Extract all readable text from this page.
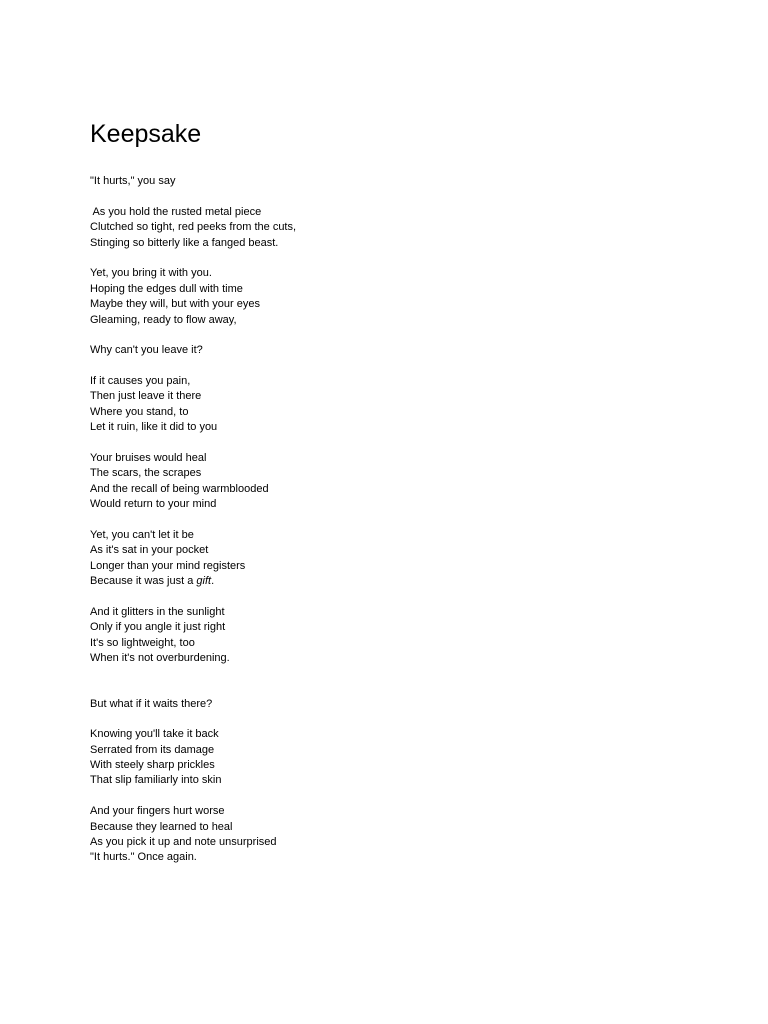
Keepsake
"It hurts," you say
As you hold the rusted metal piece
Clutched so tight, red peeks from the cuts,
Stinging so bitterly like a fanged beast.
Yet, you bring it with you.
Hoping the edges dull with time
Maybe they will, but with your eyes
Gleaming, ready to flow away,
Why can't you leave it?
If it causes you pain,
Then just leave it there
Where you stand, to
Let it ruin, like it did to you
Your bruises would heal
The scars, the scrapes
And the recall of being warmblooded
Would return to your mind
Yet, you can't let it be
As it's sat in your pocket
Longer than your mind registers
Because it was just a gift.
And it glitters in the sunlight
Only if you angle it just right
It's so lightweight, too
When it's not overburdening.
But what if it waits there?
Knowing you'll take it back
Serrated from its damage
With steely sharp prickles
That slip familiarly into skin
And your fingers hurt worse
Because they learned to heal
As you pick it up and note unsurprised
"It hurts." Once again.
